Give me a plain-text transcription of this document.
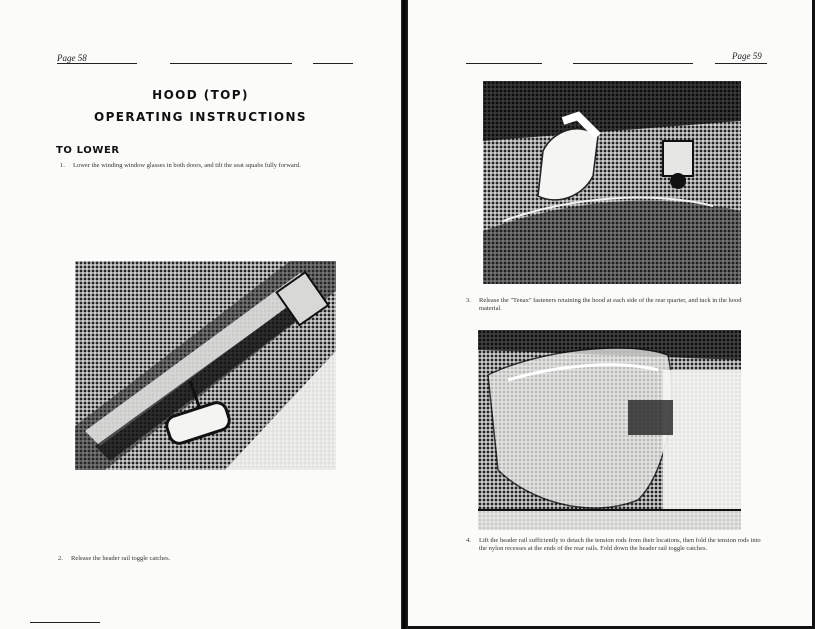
Page 58
HOOD (TOP)
OPERATING INSTRUCTIONS
TO LOWER
1.	Lower the winding window glasses in both doors, and tilt the seat squabs fully forward.
2.	Release the header rail toggle catches.
Page 59
3.	Release the "Tenax" fasteners retaining the hood at each side of the rear quarter, and tuck in the hood material.
4.	Lift the header rail sufficiently to detach the tension rods from their locations, then fold the tension rods into the nylon recesses at the ends of the rear rails. Fold down the header rail toggle catches.
